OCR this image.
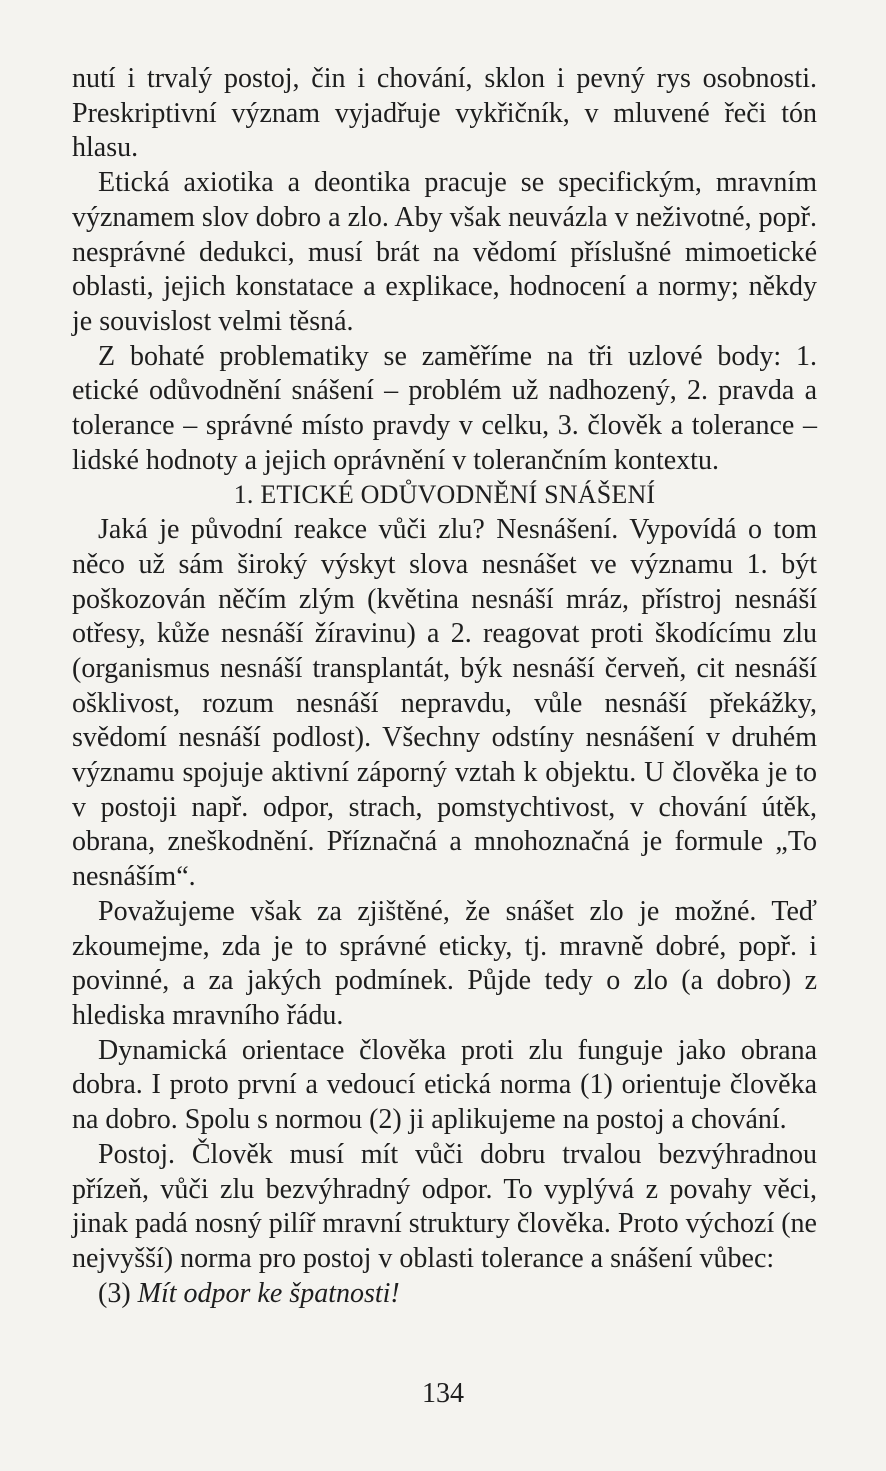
nutí i trvalý postoj, čin i chování, sklon i pevný rys osobnosti. Preskriptivní význam vyjadřuje vykřičník, v mluvené řeči tón hlasu.

Etická axiotika a deontika pracuje se specifickým, mravním významem slov dobro a zlo. Aby však neuvázla v neživotné, popř. nesprávné dedukci, musí brát na vědomí příslušné mimoetické oblasti, jejich konstatace a explikace, hodnocení a normy; někdy je souvislost velmi těsná.

Z bohaté problematiky se zaměříme na tři uzlové body: 1. etické odůvodnění snášení – problém už nadhozený, 2. pravda a tolerance – správné místo pravdy v celku, 3. člověk a tolerance – lidské hodnoty a jejich oprávnění v tolerančním kontextu.

1. ETICKÉ ODŮVODNĚNÍ SNÁŠENÍ

Jaká je původní reakce vůči zlu? Nesnášení. Vypovídá o tom něco už sám široký výskyt slova nesnášet ve významu 1. být poškozován něčím zlým (květina nesnáší mráz, přístroj nesnáší otřesy, kůže nesnáší žíravinu) a 2. reagovat proti škodícímu zlu (organismus nesnáší transplantát, býk nesnáší červeň, cit nesnáší ošklivost, rozum nesnáší nepravdu, vůle nesnáší překážky, svědomí nesnáší podlost). Všechny odstíny nesnášení v druhém významu spojuje aktivní záporný vztah k objektu. U člověka je to v postoji např. odpor, strach, pomstychtivost, v chování útěk, obrana, zneškodnění. Příznačná a mnohoznačná je formule „To nesnáším“.

Považujeme však za zjištěné, že snášet zlo je možné. Teď zkoumejme, zda je to správné eticky, tj. mravně dobré, popř. i povinné, a za jakých podmínek. Půjde tedy o zlo (a dobro) z hlediska mravního řádu.

Dynamická orientace člověka proti zlu funguje jako obrana dobra. I proto první a vedoucí etická norma (1) orientuje člověka na dobro. Spolu s normou (2) ji aplikujeme na postoj a chování.

Postoj. Člověk musí mít vůči dobru trvalou bezvýhradnou přízeň, vůči zlu bezvýhradný odpor. To vyplývá z povahy věci, jinak padá nosný pilíř mravní struktury člověka. Proto výchozí (ne nejvyšší) norma pro postoj v oblasti tolerance a snášení vůbec:

(3) Mít odpor ke špatnosti!

134
